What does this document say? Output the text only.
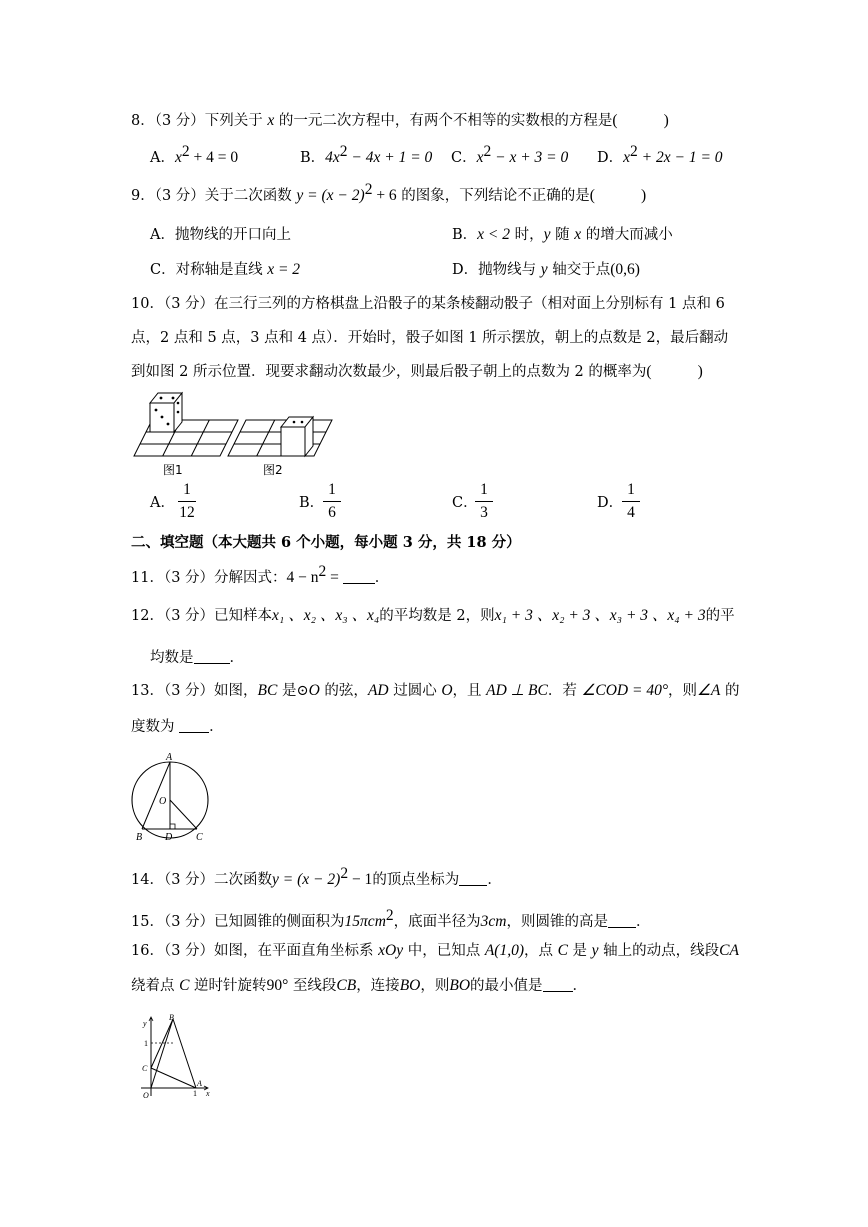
8．（3 分）下列关于 x 的一元二次方程中，有两个不相等的实数根的方程是(	)
A．$x^2 + 4 = 0$	B．$4x^2 - 4x + 1 = 0$ C．$x^2 - x + 3 = 0$ D．$x^2 + 2x - 1 = 0$
9．（3 分）关于二次函数 $y = (x - 2)^2 + 6$ 的图象，下列结论不正确的是(	)
A．抛物线的开口向上	B．x < 2 时，y 随 x 的增大而减小
C．对称轴是直线 x = 2	D．抛物线与 y 轴交于点(0,6)
10．（3 分）在三行三列的方格棋盘上沿骰子的某条棱翻动骰子（相对面上分别标有 1 点和 6
点，2 点和 5 点，3 点和 4 点）．开始时，骰子如图 1 所示摆放，朝上的点数是 2，最后翻动
到如图 2 所示位置．现要求翻动次数最少，则最后骰子朝上的点数为 2 的概率为(	)
图1	图2
A．
1
12
B．
1
6
C．
1
3
D．
1
4
二、填空题（本大题共 6 个小题，每小题 3 分，共 18 分）
11．（3 分）分解因式：$4 - n^2$ = ．
12．（3 分）已知样本x₁ 、x₂ 、x₃ 、x₄的平均数是 2，则x₁ + 3 、x₂ + 3 、x₃ + 3 、x₄ + 3的平
均数是 ．
13．（3 分）如图，BC 是⊙O 的弦，AD 过圆心 O，且 AD ⊥ BC．若 ∠COD = 40°，则∠A 的
度数为 ．
A
O
B D C
14．（3 分）二次函数$y = (x - 2)^2 - 1$的顶点坐标为 ．
15．（3 分）已知圆锥的侧面积为15πcm$^2$，底面半径为3cm，则圆锥的高是 ．
16．（3 分）如图，在平面直角坐标系 xOy 中，已知点 A(1,0)，点 C 是 y 轴上的动点，线段CA
绕着点 C 逆时针旋转90° 至线段CB，连接BO，则BO的最小值是 ．
y
B
1
C
O	1
A
x
